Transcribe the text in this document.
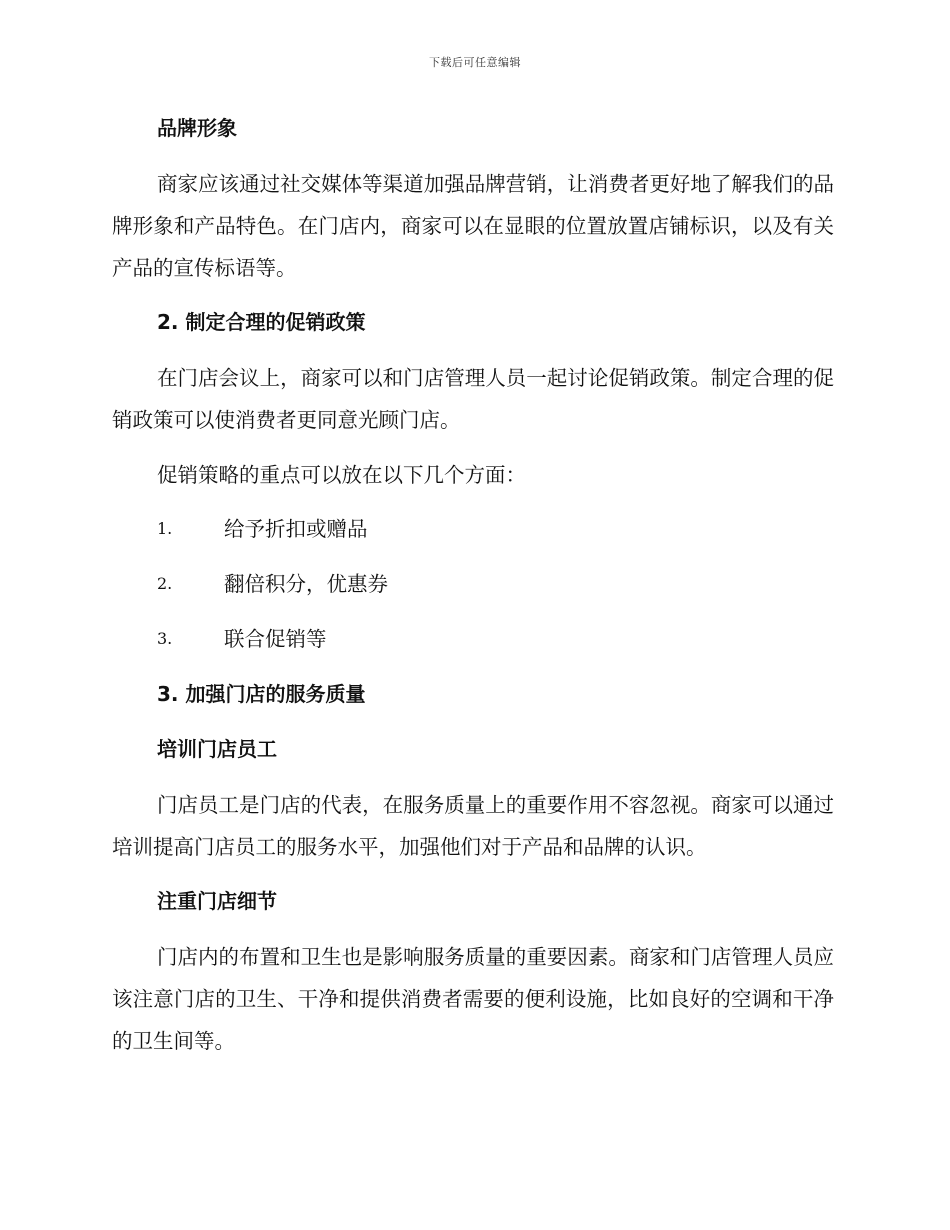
下载后可任意编辑
品牌形象

商家应该通过社交媒体等渠道加强品牌营销，让消费者更好地了解我们的品牌形象和产品特色。在门店内，商家可以在显眼的位置放置店铺标识，以及有关产品的宣传标语等。

2. 制定合理的促销政策

在门店会议上，商家可以和门店管理人员一起讨论促销政策。制定合理的促销政策可以使消费者更同意光顾门店。

促销策略的重点可以放在以下几个方面：

1.	给予折扣或赠品
2.	翻倍积分，优惠券
3.	联合促销等
3. 加强门店的服务质量
培训门店员工

门店员工是门店的代表，在服务质量上的重要作用不容忽视。商家可以通过培训提高门店员工的服务水平，加强他们对于产品和品牌的认识。

注重门店细节

门店内的布置和卫生也是影响服务质量的重要因素。商家和门店管理人员应该注意门店的卫生、干净和提供消费者需要的便利设施，比如良好的空调和干净的卫生间等。
